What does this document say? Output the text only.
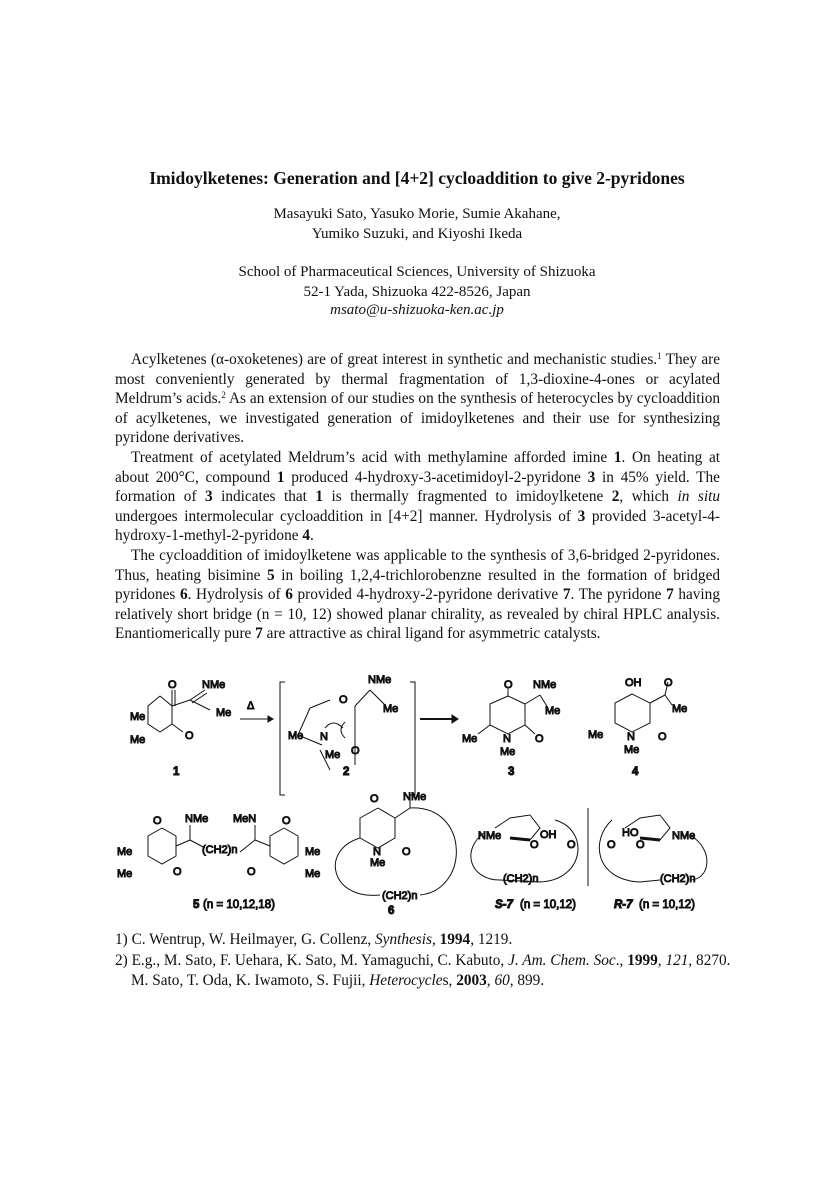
Imidoylketenes: Generation and [4+2] cycloaddition to give 2-pyridones
Masayuki Sato, Yasuko Morie, Sumie Akahane,
Yumiko Suzuki, and Kiyoshi Ikeda
School of Pharmaceutical Sciences, University of Shizuoka
52-1 Yada, Shizuoka 422-8526, Japan
msato@u-shizuoka-ken.ac.jp

Acylketenes (α-oxoketenes) are of great interest in synthetic and mechanistic studies.$^1$ They are most conveniently generated by thermal fragmentation of 1,3-dioxine-4-ones or acylated Meldrum’s acids.$^2$ As an extension of our studies on the synthesis of heterocycles by cycloaddition of acylketenes, we investigated generation of imidoylketenes and their use for synthesizing pyridone derivatives.

Treatment of acetylated Meldrum’s acid with methylamine afforded imine 1. On heating at about 200°C, compound 1 produced 4-hydroxy-3-acetimidoyl-2-pyridone 3 in 45% yield. The formation of 3 indicates that 1 is thermally fragmented to imidoylketene 2, which in situ undergoes intermolecular cycloaddition in [4+2] manner. Hydrolysis of 3 provided 3-acetyl-4-hydroxy-1-methyl-2-pyridone 4.

The cycloaddition of imidoylketene was applicable to the synthesis of 3,6-bridged 2-pyridones. Thus, heating bisimine 5 in boiling 1,2,4-trichlorobenzne resulted in the formation of bridged pyridones 6. Hydrolysis of 6 provided 4-hydroxy-2-pyridone derivative 7. The pyridone 7 having relatively short bridge (n = 10, 12) showed planar chirality, as revealed by chiral HPLC analysis. Enantiomerically pure 7 are attractive as chiral ligand for asymmetric catalysts.

O NMe
Me
Me
Me	O
1
Δ
NMe
Me
O
Me N
Me O
2
O NMe
Me
Me N O
Me
3
OH O
Me
Me N O
Me
4
O NMe MeN O
(CH2)n
Me
Me
Me
Me
O	O
5 (n = 10,12,18)
O NMe
N
Me
O
(CH2)n
6
OH
O
NMe
O
(CH2)n
S-7 (n = 10,12)
HO
O
NMe
O
(CH2)n
R-7 (n = 10,12)
1) C. Wentrup, W. Heilmayer, G. Collenz, Synthesis, 1994, 1219.
2) E.g., M. Sato, F. Uehara, K. Sato, M. Yamaguchi, C. Kabuto, J. Am. Chem. Soc., 1999, 121, 8270. M. Sato, T. Oda, K. Iwamoto, S. Fujii, Heterocycles, 2003, 60, 899.
